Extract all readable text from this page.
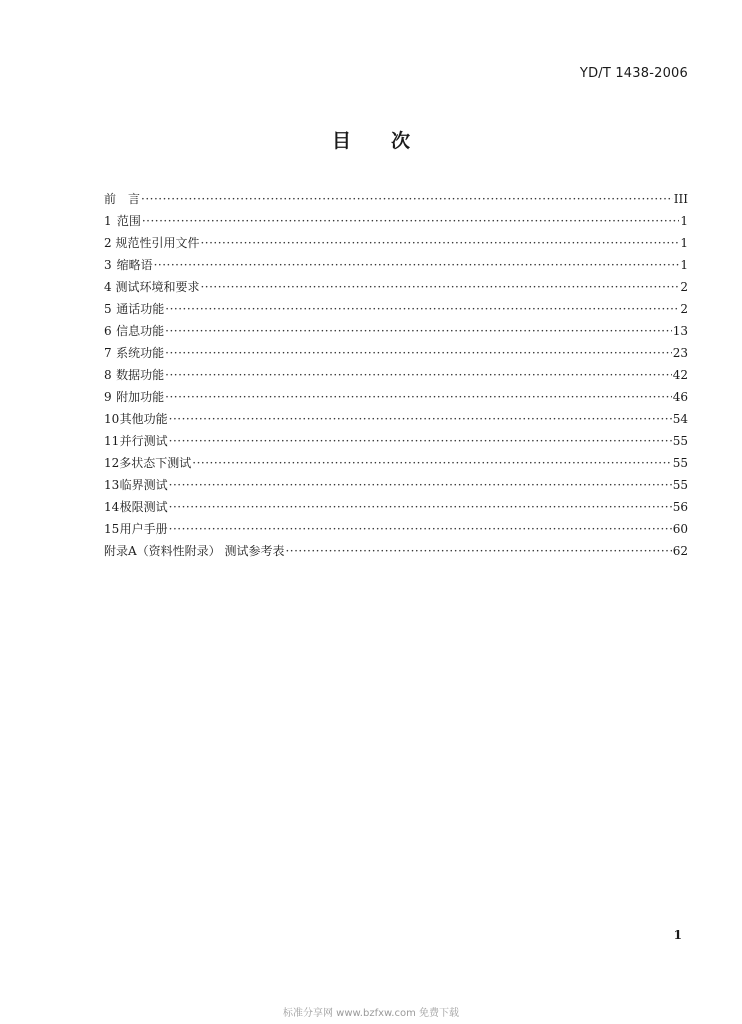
YD/T 1438-2006
目 次
前　言 ·····	III
1 范围 ·····	1
2 规范性引用文件 ·····	1
3 缩略语 ·····	1
4 测试环境和要求 ·····	2
5 通话功能 ·····	2
6 信息功能 ·····	13
7 系统功能 ·····	23
8 数据功能 ·····	42
9 附加功能 ·····	46
10 其他功能 ·····	54
11 并行测试 ·····	55
12 多状态下测试 ·····	55
13 临界测试 ·····	55
14 极限测试 ·····	56
15 用户手册 ·····	60
附录A（资料性附录） 测试参考表 ·····	62
1
标准分享网 www.bzfxw.com 免费下载
